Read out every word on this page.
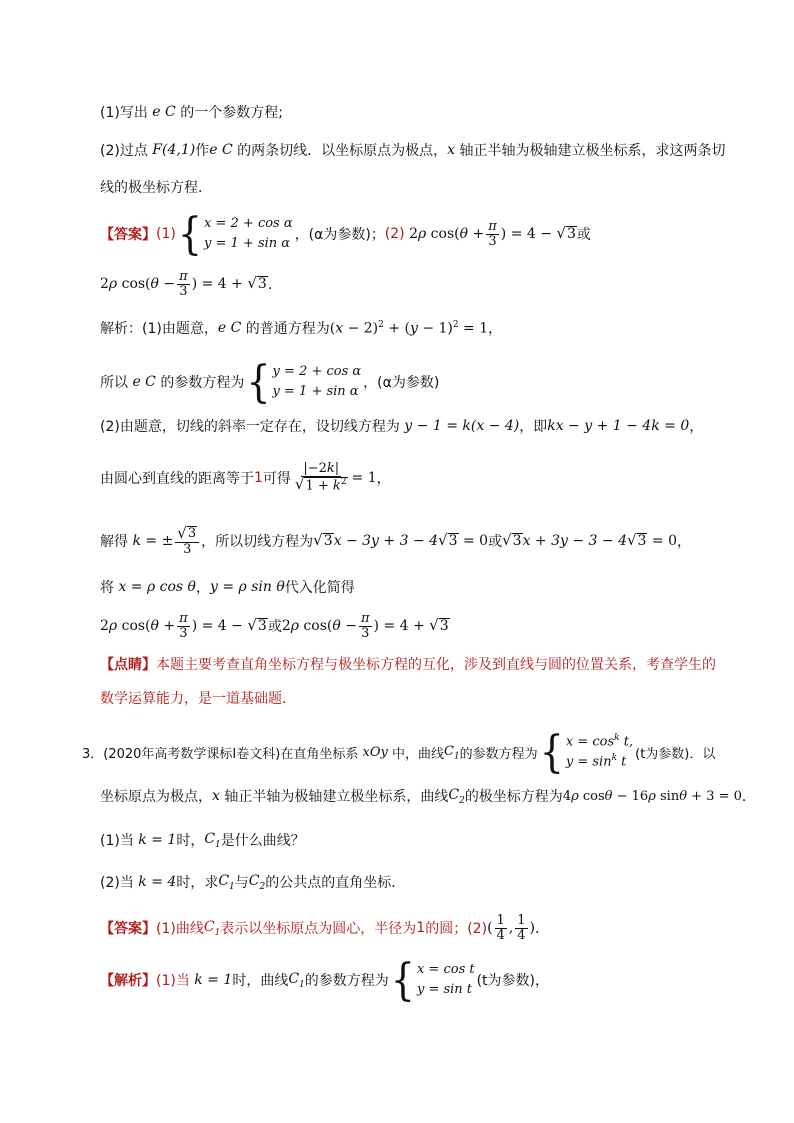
(1)写出 e C 的一个参数方程;
(2)过点 F(4,1) 作 e C 的两条切线．以坐标原点为极点， x 轴正半轴为极轴建立极坐标系，求这两条切
线的极坐标方程．
【答案】 (1) { x = 2 + cos α
y = 1 + sin α
，(α为参数)； (2) 2ρ $\cos(\theta + \frac{\pi}{3}$ ) = 4 − √ 3 或
2ρ $\cos(\theta - \frac{\pi}{3}$ ) = 4 + √ 3 ．
解析：(1)由题意， e C 的普通方程为 $(x - 2)^2 + (y - 1)^2 = 1$ ，
所以 e C 的参数方程为 { y = 2 + cos α
y = 1 + sin α
，(α为参数)
(2)由题意，切线的斜率一定存在，设切线方程为 y − 1 = k(x − 4) ，即 kx − y + 1 − 4k = 0 ，
由圆心到直线的距离等于 1 可得 $\frac{|-2k|}{√ 1 + k^2} = 1$ ，
解得 k = ± $\frac{√ 3}{3}$ ，所以切线方程为 √ 3 x − 3y + 3 − 4 √ 3 = 0 或 √ 3 x + 3y − 3 − 4 √ 3 = 0 ，
将 x = ρ cos θ ， y = ρ sin θ 代入化简得
2ρ $\cos(\theta + \frac{\pi}{3}$ ) = 4 − √ 3 或 2ρ $\cos(\theta - \frac{\pi}{3}$ ) = 4 + √ 3
【点睛】 本题主要考查直角坐标方程与极坐标方程的互化，涉及到直线与圆的位置关系，考查学生的
数学运算能力，是一道基础题．
3． (2020年高考数学课标Ⅰ卷文科) 在直角坐标系 xOy 中，曲线 $C_1$ 的参数方程为 { $x = \cos^k t$,
$y = \sin^k t$
(t为参数)．以
坐标原点为极点， x 轴正半轴为极轴建立极坐标系，曲线 $C_2$ 的极坐标方程为 4ρ cosθ − 16ρ sinθ + 3 = 0 ．
(1)当 k = 1 时， $C_1$ 是什么曲线？
(2)当 k = 4 时，求 $C_1$ 与 $C_2$ 的公共点的直角坐标．
【答案】 (1)曲线 $C_1$ 表示以坐标原点为圆心，半径为 1 的圆；(2) ( $\frac{1}{4}$ , $\frac{1}{4}$ ) ．
【解析】 (1)当 k = 1 时，曲线 $C_1$ 的参数方程为 { x = cos t
y = sin t
(t为参数)，
